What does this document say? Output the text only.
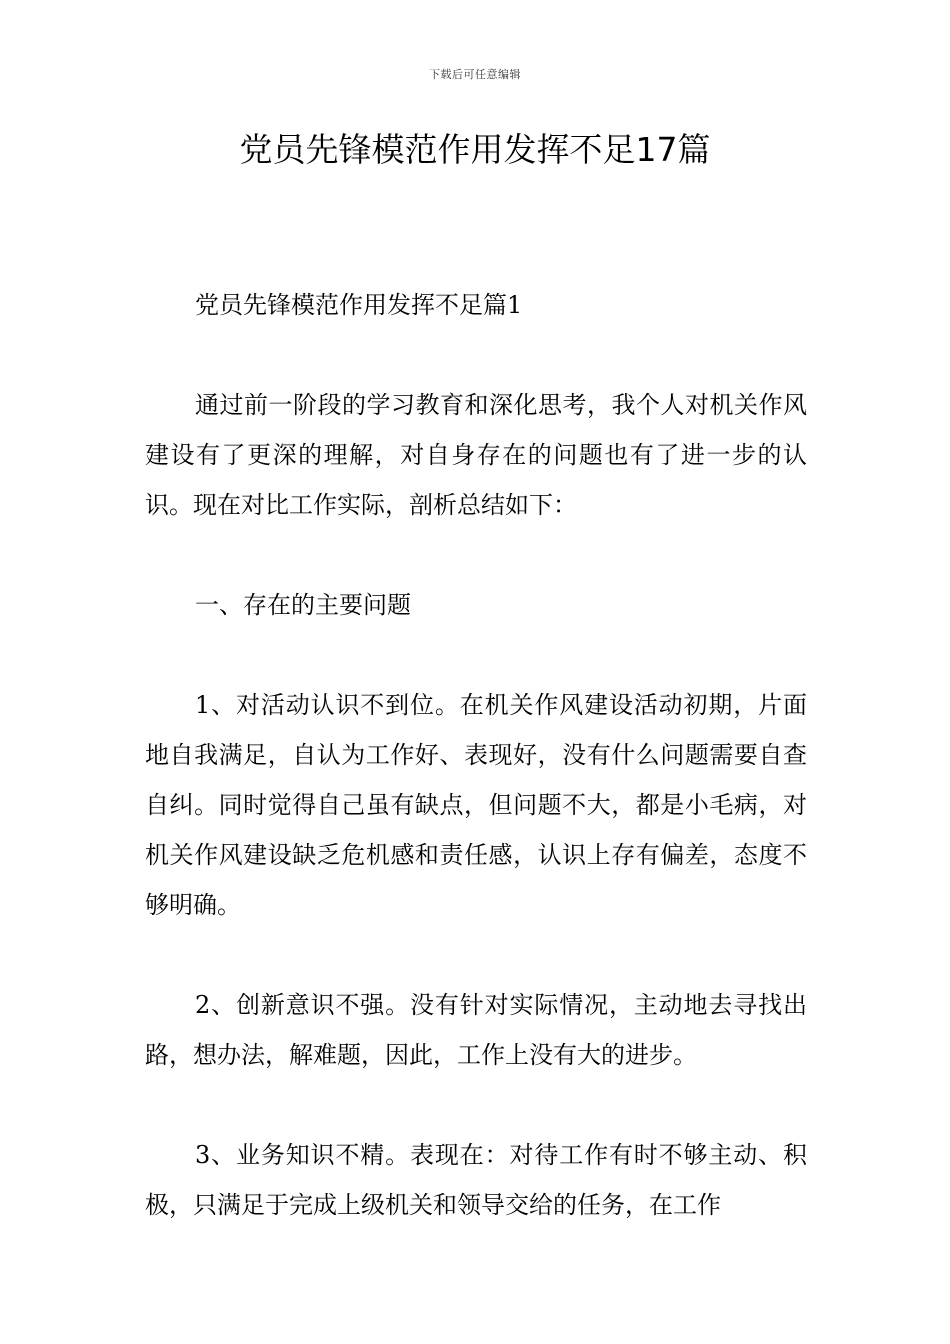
下载后可任意编辑
党员先锋模范作用发挥不足17篇

党员先锋模范作用发挥不足篇1

通过前一阶段的学习教育和深化思考，我个人对机关作风建设有了更深的理解，对自身存在的问题也有了进一步的认识。现在对比工作实际，剖析总结如下：

一、存在的主要问题

1、对活动认识不到位。在机关作风建设活动初期，片面地自我满足，自认为工作好、表现好，没有什么问题需要自查自纠。同时觉得自己虽有缺点，但问题不大，都是小毛病，对机关作风建设缺乏危机感和责任感，认识上存有偏差，态度不够明确。

2、创新意识不强。没有针对实际情况，主动地去寻找出路，想办法，解难题，因此，工作上没有大的进步。

3、业务知识不精。表现在：对待工作有时不够主动、积极，只满足于完成上级机关和领导交给的任务，在工作
